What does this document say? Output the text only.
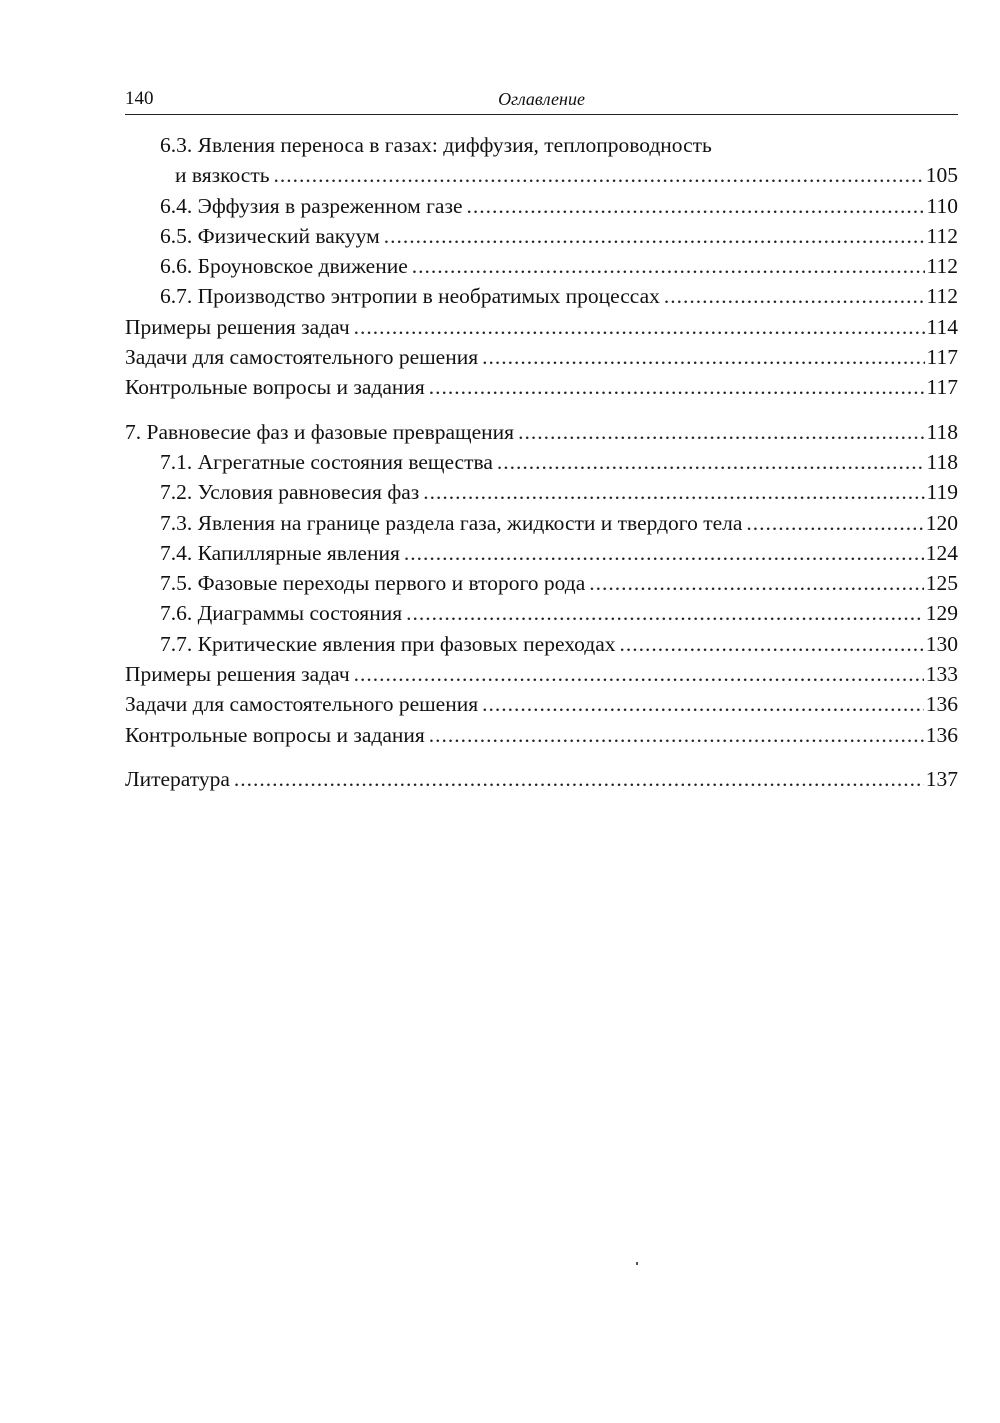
140	Оглавление
6.3. Явления переноса в газах: диффузия, теплопроводность
и вязкость .....	105
6.4. Эффузия в разреженном газе .....	110
6.5. Физический вакуум .....	112
6.6. Броуновское движение .....	112
6.7. Производство энтропии в необратимых процессах .....	112
Примеры решения задач .....	114
Задачи для самостоятельного решения .....	117
Контрольные вопросы и задания .....	117
7. Равновесие фаз и фазовые превращения .....	118
7.1. Агрегатные состояния вещества .....	118
7.2. Условия равновесия фаз .....	119
7.3. Явления на границе раздела газа, жидкости и твердого тела .....	120
7.4. Капиллярные явления .....	124
7.5. Фазовые переходы первого и второго рода .....	125
7.6. Диаграммы состояния .....	129
7.7. Критические явления при фазовых переходах .....	130
Примеры решения задач .....	133
Задачи для самостоятельного решения .....	136
Контрольные вопросы и задания .....	136
Литература .....	137
